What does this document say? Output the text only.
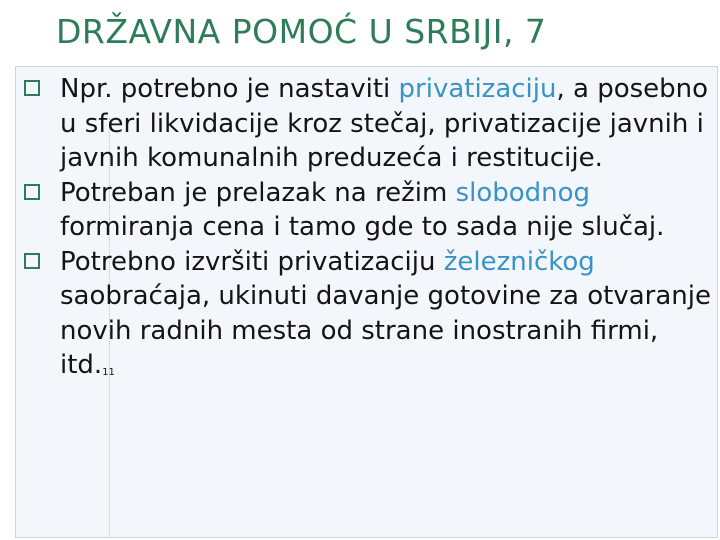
DRŽAVNA POMOĆ U SRBIJI, 7
Npr. potrebno je nastaviti privatizaciju, a posebno u sferi likvidacije kroz stečaj, privatizacije javnih i javnih komunalnih preduzeća i restitucije.
Potreban je prelazak na režim slobodnog formiranja cena i tamo gde to sada nije slučaj.
Potrebno izvršiti privatizaciju železničkog saobraćaja, ukinuti davanje gotovine za otvaranje novih radnih mesta od strane inostranih firmi, itd.11
